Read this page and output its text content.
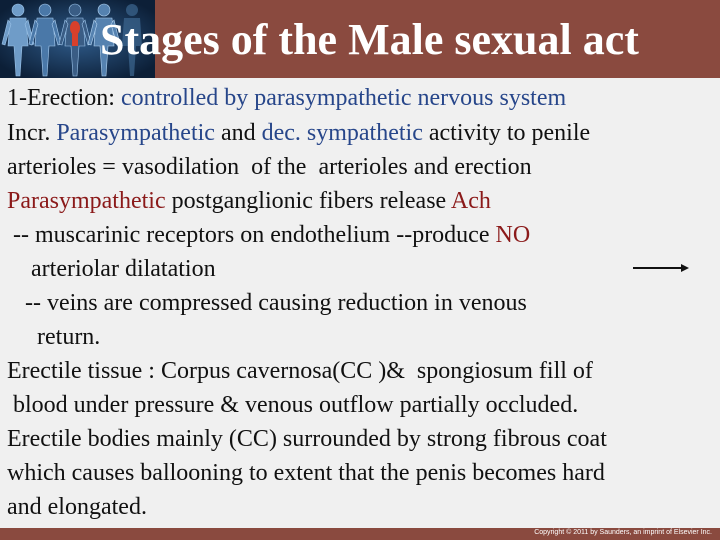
Stages of the Male sexual act
1-Erection: controlled by parasympathetic nervous system
Incr. Parasympathetic and dec. sympathetic activity to penile
arterioles = vasodilation  of the  arterioles and erection
Parasympathetic postganglionic fibers release Ach
-- muscarinic receptors on endothelium --produce NO
arteriolar dilatation
-- veins are compressed causing reduction in venous
return.
Erectile tissue : Corpus cavernosa(CC )&  spongiosum fill of
blood under pressure & venous outflow partially occluded.
Erectile bodies mainly (CC) surrounded by strong fibrous coat
which causes ballooning to extent that the penis becomes hard
and elongated.
Copyright © 2011 by Saunders, an imprint of Elsevier Inc.
